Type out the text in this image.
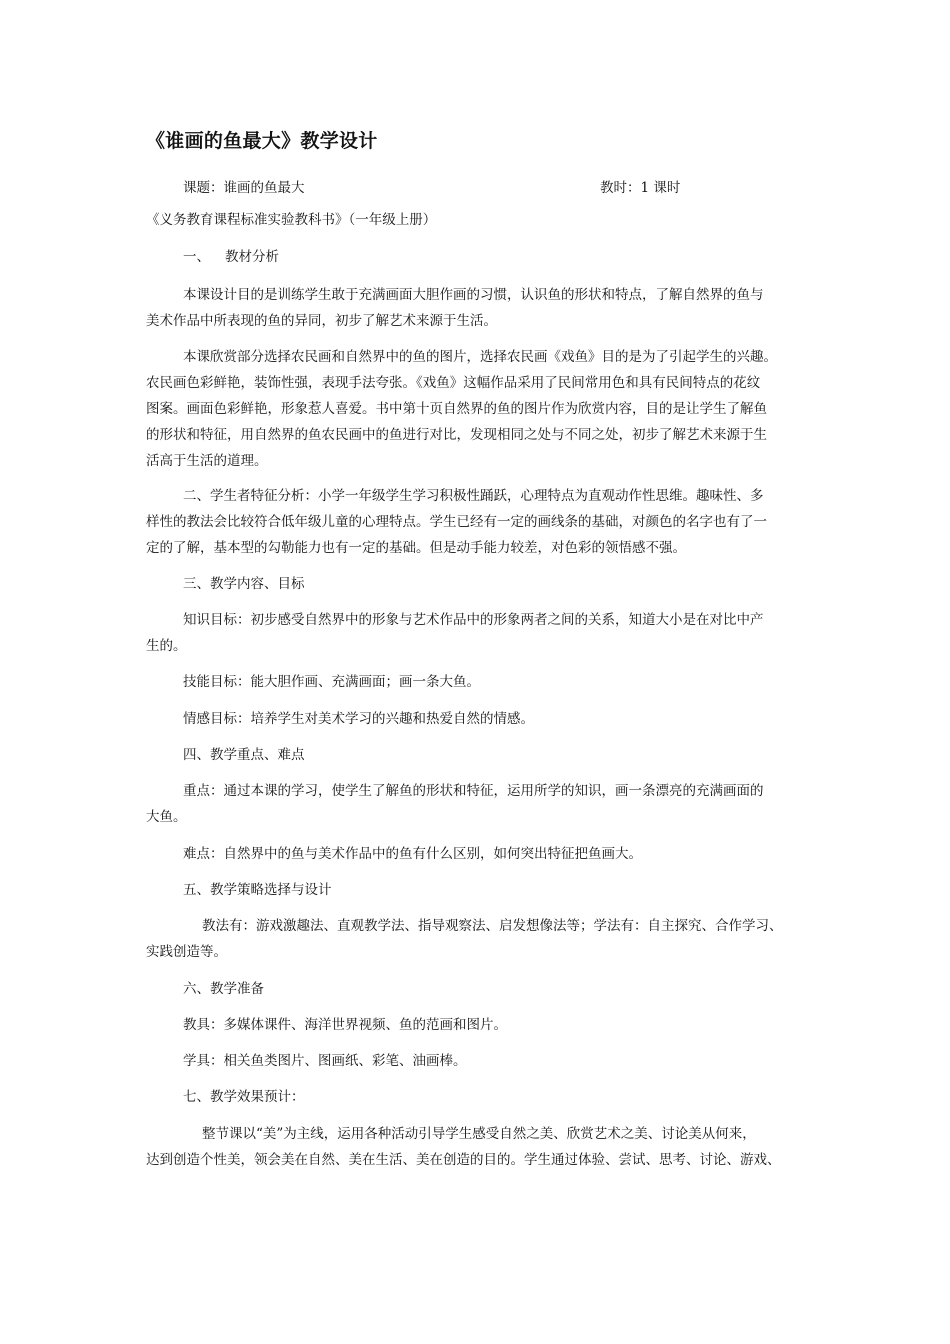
《谁画的鱼最大》教学设计
课题：谁画的鱼最大	教时：1 课时
《义务教育课程标准实验教科书》（一年级上册）
一、 教材分析
本课设计目的是训练学生敢于充满画面大胆作画的习惯，认识鱼的形状和特点，了解自然界的鱼与
美术作品中所表现的鱼的异同，初步了解艺术来源于生活。
本课欣赏部分选择农民画和自然界中的鱼的图片，选择农民画《戏鱼》目的是为了引起学生的兴趣。
农民画色彩鲜艳，装饰性强，表现手法夸张。《戏鱼》这幅作品采用了民间常用色和具有民间特点的花纹
图案。画面色彩鲜艳，形象惹人喜爱。书中第十页自然界的鱼的图片作为欣赏内容，目的是让学生了解鱼
的形状和特征，用自然界的鱼农民画中的鱼进行对比，发现相同之处与不同之处，初步了解艺术来源于生
活高于生活的道理。
二、学生者特征分析：小学一年级学生学习积极性踊跃，心理特点为直观动作性思维。趣味性、多
样性的教法会比较符合低年级儿童的心理特点。学生已经有一定的画线条的基础，对颜色的名字也有了一
定的了解，基本型的勾勒能力也有一定的基础。但是动手能力较差，对色彩的领悟感不强。
三、教学内容、目标
知识目标：初步感受自然界中的形象与艺术作品中的形象两者之间的关系，知道大小是在对比中产
生的。
技能目标：能大胆作画、充满画面；画一条大鱼。
情感目标：培养学生对美术学习的兴趣和热爱自然的情感。
四、教学重点、难点
重点：通过本课的学习，使学生了解鱼的形状和特征，运用所学的知识，画一条漂亮的充满画面的
大鱼。
难点：自然界中的鱼与美术作品中的鱼有什么区别，如何突出特征把鱼画大。
五、教学策略选择与设计
教法有：游戏激趣法、直观教学法、指导观察法、启发想像法等；学法有：自主探究、合作学习、
实践创造等。
六、教学准备
教具：多媒体课件、海洋世界视频、鱼的范画和图片。
学具：相关鱼类图片、图画纸、彩笔、油画棒。
七、教学效果预计：
整节课以“美”为主线，运用各种活动引导学生感受自然之美、欣赏艺术之美、讨论美从何来，
达到创造个性美，领会美在自然、美在生活、美在创造的目的。学生通过体验、尝试、思考、讨论、游戏、
